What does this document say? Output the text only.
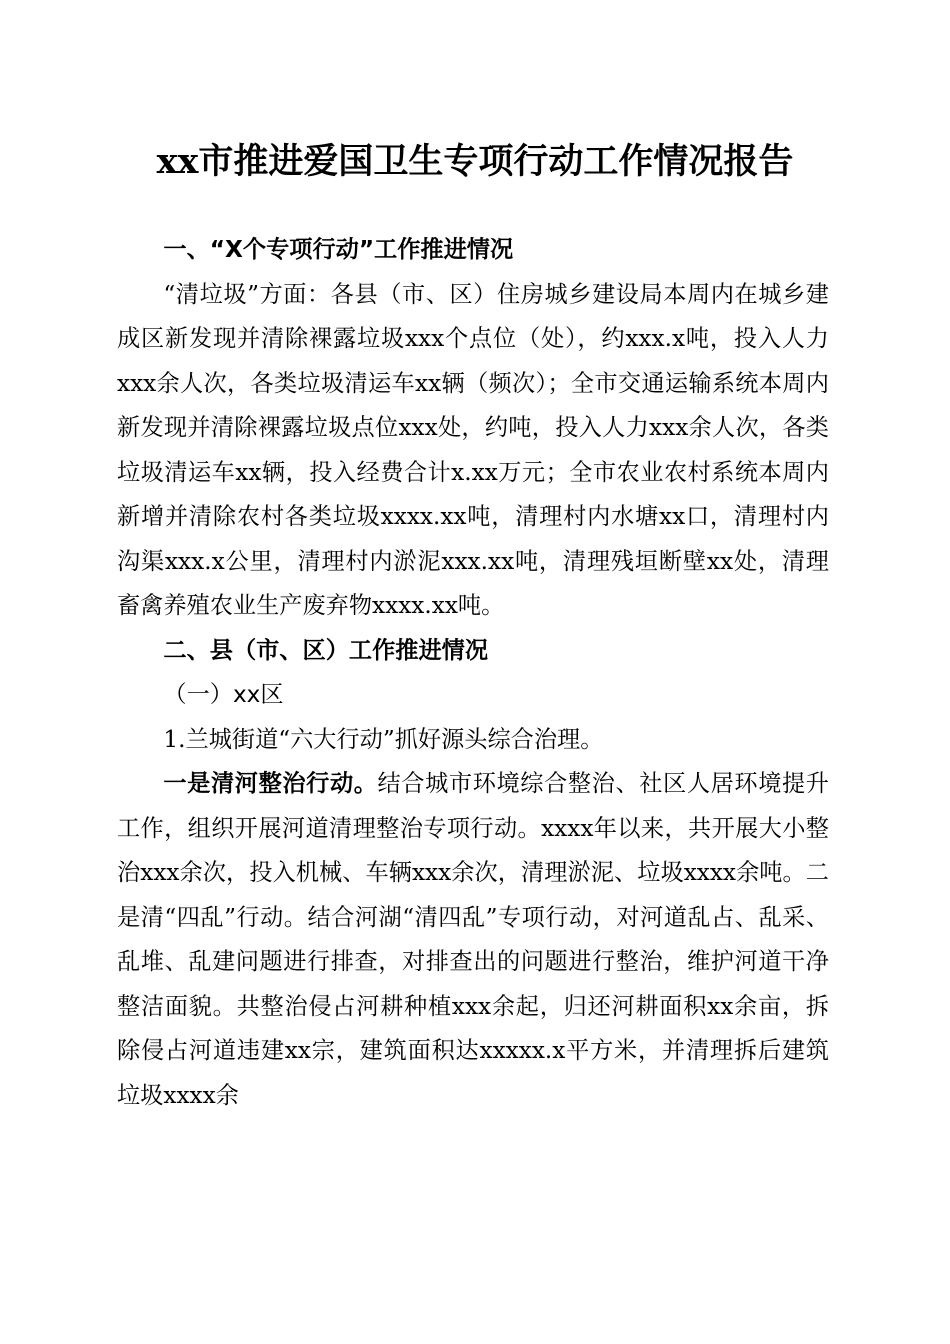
xx市推进爱国卫生专项行动工作情况报告

一、“X个专项行动”工作推进情况

“清垃圾”方面：各县（市、区）住房城乡建设局本周内在城乡建成区新发现并清除裸露垃圾xxx个点位（处），约xxx.x吨，投入人力xxx余人次，各类垃圾清运车xx辆（频次）；全市交通运输系统本周内新发现并清除裸露垃圾点位xxx处，约吨，投入人力xxx余人次，各类垃圾清运车xx辆，投入经费合计x.xx万元；全市农业农村系统本周内新增并清除农村各类垃圾xxxx.xx吨，清理村内水塘xx口，清理村内沟渠xxx.x公里，清理村内淤泥xxx.xx吨，清理残垣断壁xx处，清理畜禽养殖农业生产废弃物xxxx.xx吨。

二、县（市、区）工作推进情况

（一）xx区

1.兰城街道“六大行动”抓好源头综合治理。

一是清河整治行动。结合城市环境综合整治、社区人居环境提升工作，组织开展河道清理整治专项行动。xxxx年以来，共开展大小整治xxx余次，投入机械、车辆xxx余次，清理淤泥、垃圾xxxx余吨。二是清“四乱”行动。结合河湖“清四乱”专项行动，对河道乱占、乱采、乱堆、乱建问题进行排查，对排查出的问题进行整治，维护河道干净整洁面貌。共整治侵占河耕种植xxx余起，归还河耕面积xx余亩，拆除侵占河道违建xx宗，建筑面积达xxxxx.x平方米，并清理拆后建筑垃圾xxxx余
